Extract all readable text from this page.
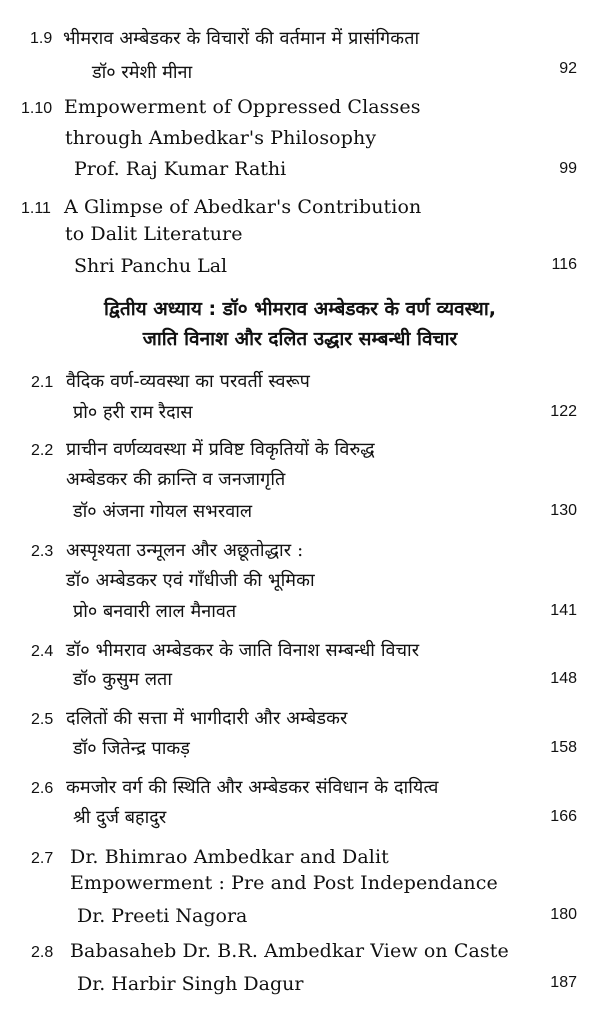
1.9 भीमराव अम्बेडकर के विचारों की वर्तमान में प्रासंगिकता
डॉ० रमेशी मीना	92
1.10 Empowerment of Oppressed Classes
through Ambedkar's Philosophy
Prof. Raj Kumar Rathi	99
1.11 A Glimpse of Abedkar's Contribution
to Dalit Literature
Shri Panchu Lal	116
द्वितीय अध्याय : डॉ० भीमराव अम्बेडकर के वर्ण व्यवस्था,
जाति विनाश और दलित उद्धार सम्बन्धी विचार
2.1 वैदिक वर्ण-व्यवस्था का परवर्ती स्वरूप
प्रो० हरी राम रैदास	122
2.2 प्राचीन वर्णव्यवस्था में प्रविष्ट विकृतियों के विरुद्ध
अम्बेडकर की क्रान्ति व जनजागृति
डॉ० अंजना गोयल सभरवाल	130
2.3 अस्पृश्यता उन्मूलन और अछूतोद्धार :
डॉ० अम्बेडकर एवं गाँधीजी की भूमिका
प्रो० बनवारी लाल मैनावत	141
2.4 डॉ० भीमराव अम्बेडकर के जाति विनाश सम्बन्धी विचार
डॉ० कुसुम लता	148
2.5 दलितों की सत्ता में भागीदारी और अम्बेडकर
डॉ० जितेन्द्र पाकड़	158
2.6 कमजोर वर्ग की स्थिति और अम्बेडकर संविधान के दायित्व
श्री दुर्ज बहादुर	166
2.7 Dr. Bhimrao Ambedkar and Dalit
Empowerment : Pre and Post Independance
Dr. Preeti Nagora	180
2.8 Babasaheb Dr. B.R. Ambedkar View on Caste
Dr. Harbir Singh Dagur	187
